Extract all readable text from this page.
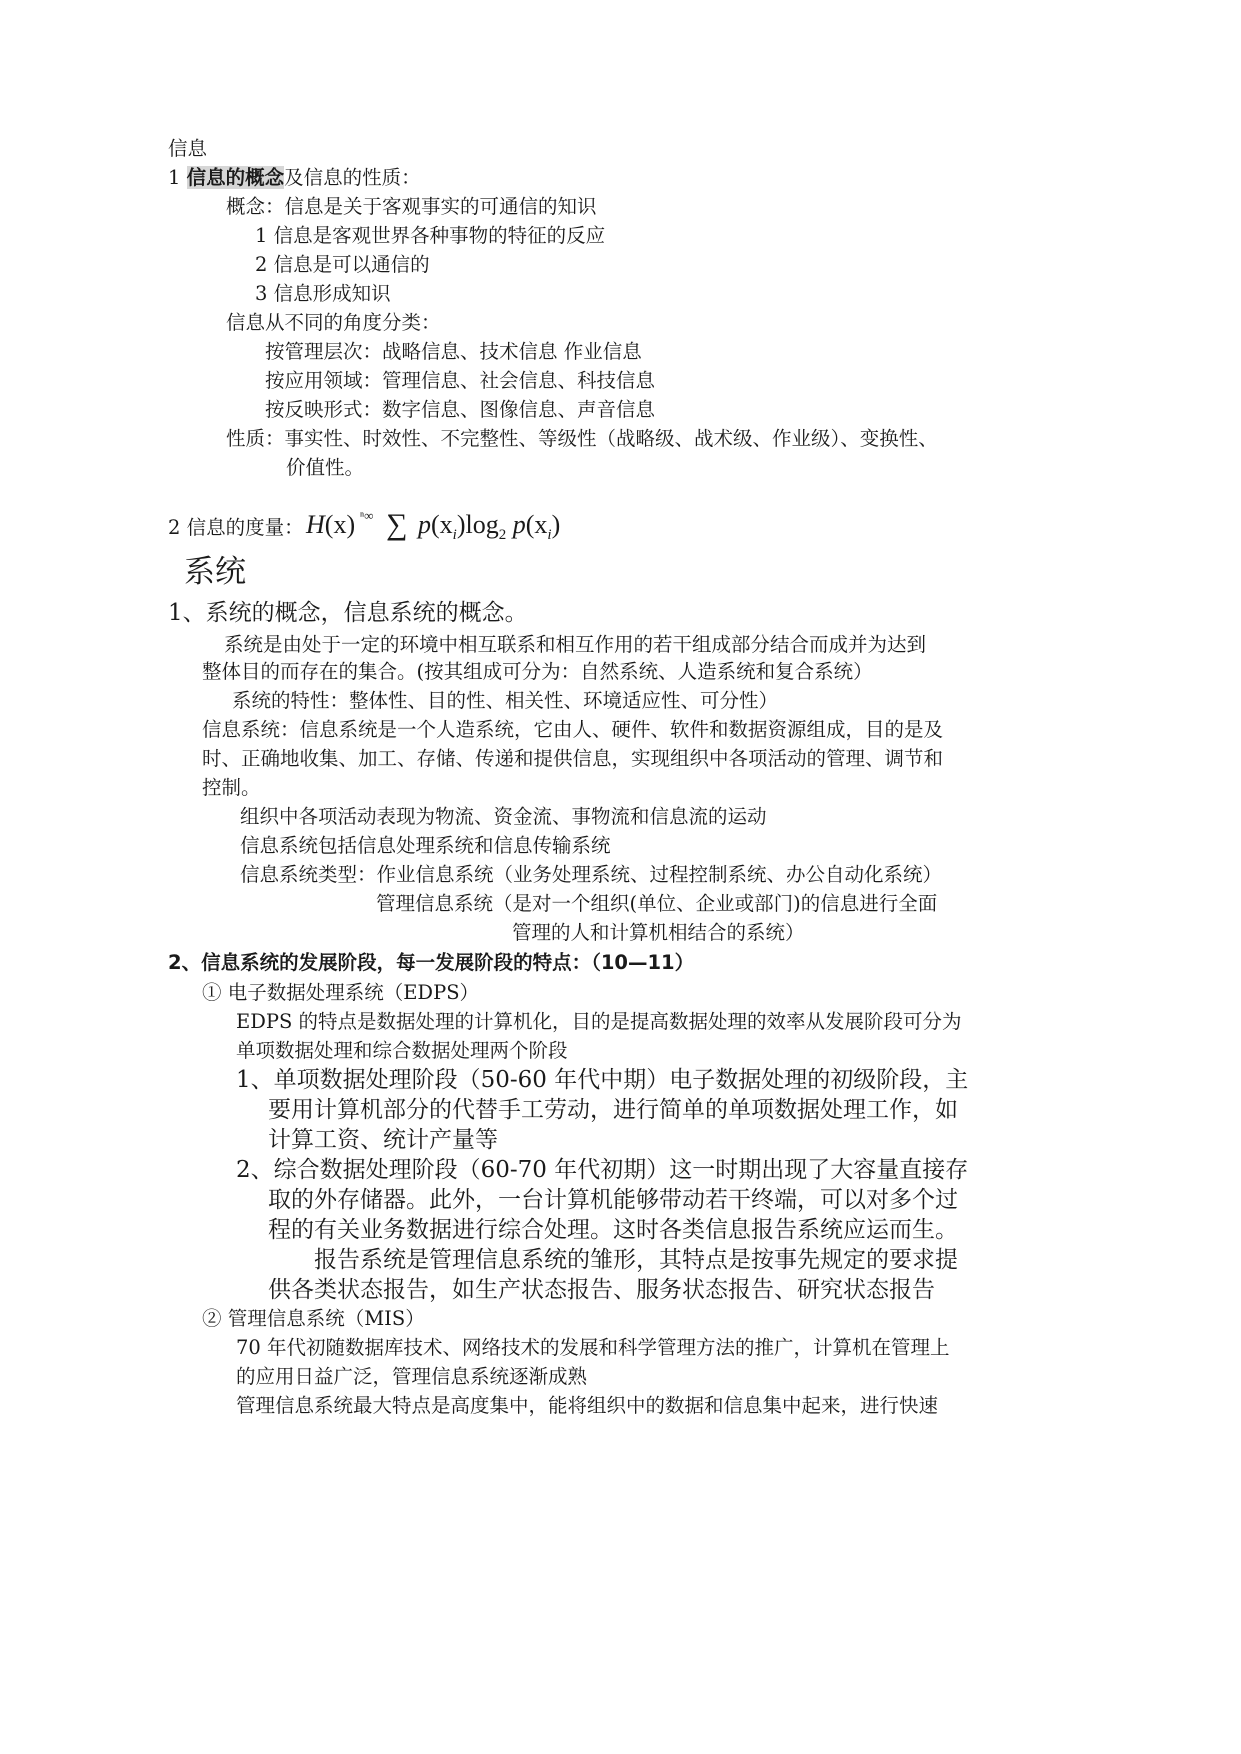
信息
1 信息的概念及信息的性质：
概念：信息是关于客观事实的可通信的知识
1 信息是客观世界各种事物的特征的反应
2 信息是可以通信的
3 信息形成知识
信息从不同的角度分类：
按管理层次：战略信息、技术信息 作业信息
按应用领域：管理信息、社会信息、科技信息
按反映形式：数字信息、图像信息、声音信息
性质：事实性、时效性、不完整性、等级性（战略级、战术级、作业级）、变换性、
价值性。
2 信息的度量： H(x) ⁿ∞ ∑ $p(x_i)\log_2$ $p(x_i)$
系统
1、系统的概念，信息系统的概念。
系统是由处于一定的环境中相互联系和相互作用的若干组成部分结合而成并为达到
整体目的而存在的集合。(按其组成可分为：自然系统、人造系统和复合系统）
系统的特性：整体性、目的性、相关性、环境适应性、可分性）
信息系统：信息系统是一个人造系统，它由人、硬件、软件和数据资源组成，目的是及
时、正确地收集、加工、存储、传递和提供信息，实现组织中各项活动的管理、调节和
控制。
组织中各项活动表现为物流、资金流、事物流和信息流的运动
信息系统包括信息处理系统和信息传输系统
信息系统类型：作业信息系统（业务处理系统、过程控制系统、办公自动化系统）
管理信息系统（是对一个组织(单位、企业或部门)的信息进行全面
管理的人和计算机相结合的系统）
2、信息系统的发展阶段，每一发展阶段的特点：（10—11）
① 电子数据处理系统（EDPS）
EDPS 的特点是数据处理的计算机化，目的是提高数据处理的效率从发展阶段可分为
单项数据处理和综合数据处理两个阶段
1、单项数据处理阶段（50-60 年代中期）电子数据处理的初级阶段，主
要用计算机部分的代替手工劳动，进行简单的单项数据处理工作，如
计算工资、统计产量等
2、综合数据处理阶段（60-70 年代初期）这一时期出现了大容量直接存
取的外存储器。此外，一台计算机能够带动若干终端，可以对多个过
程的有关业务数据进行综合处理。这时各类信息报告系统应运而生。
报告系统是管理信息系统的雏形，其特点是按事先规定的要求提
供各类状态报告，如生产状态报告、服务状态报告、研究状态报告
② 管理信息系统（MIS）
70 年代初随数据库技术、网络技术的发展和科学管理方法的推广，计算机在管理上
的应用日益广泛，管理信息系统逐渐成熟
管理信息系统最大特点是高度集中，能将组织中的数据和信息集中起来，进行快速
